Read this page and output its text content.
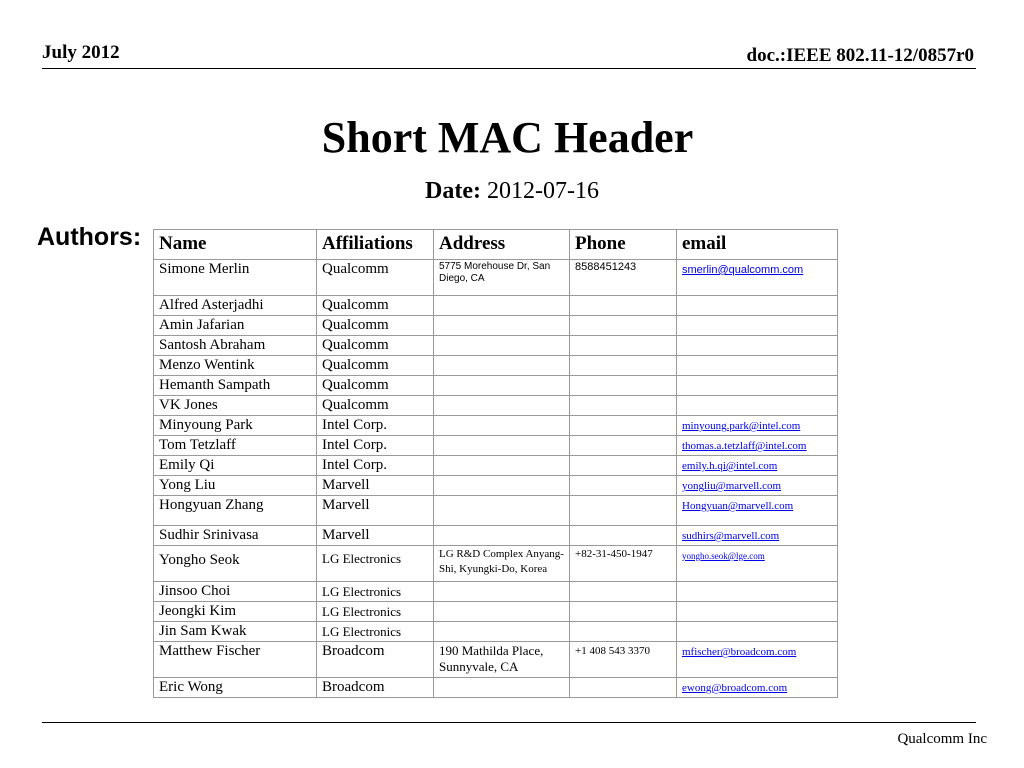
July 2012	doc.:IEEE 802.11-12/0857r0
Short MAC Header
Date: 2012-07-16
Authors: Name	Affiliations	Address	Phone	email
Simone Merlin	Qualcomm	5775 Morehouse Dr, San Diego, CA	8588451243	smerlin@qualcomm.com
Alfred Asterjadhi	Qualcomm			
Amin Jafarian	Qualcomm			
Santosh Abraham	Qualcomm			
Menzo Wentink	Qualcomm			
Hemanth Sampath	Qualcomm			
VK Jones	Qualcomm			
Minyoung Park	Intel Corp.			minyoung.park@intel.com
Tom Tetzlaff	Intel Corp.			thomas.a.tetzlaff@intel.com
Emily Qi	Intel Corp.			emily.h.qi@intel.com
Yong Liu	Marvell			yongliu@marvell.com
Hongyuan Zhang	Marvell			Hongyuan@marvell.com
Sudhir Srinivasa	Marvell			sudhirs@marvell.com
Yongho Seok	LG Electronics	LG R&D Complex Anyang-Shi, Kyungki-Do, Korea	+82-31-450-1947	yongho.seok@lge.com
Jinsoo Choi	LG Electronics			
Jeongki Kim	LG Electronics			
Jin Sam Kwak	LG Electronics			
Matthew Fischer	Broadcom	190 Mathilda Place, Sunnyvale, CA	+1 408 543 3370	mfischer@broadcom.com
Eric Wong	Broadcom			ewong@broadcom.com
Qualcomm Inc
